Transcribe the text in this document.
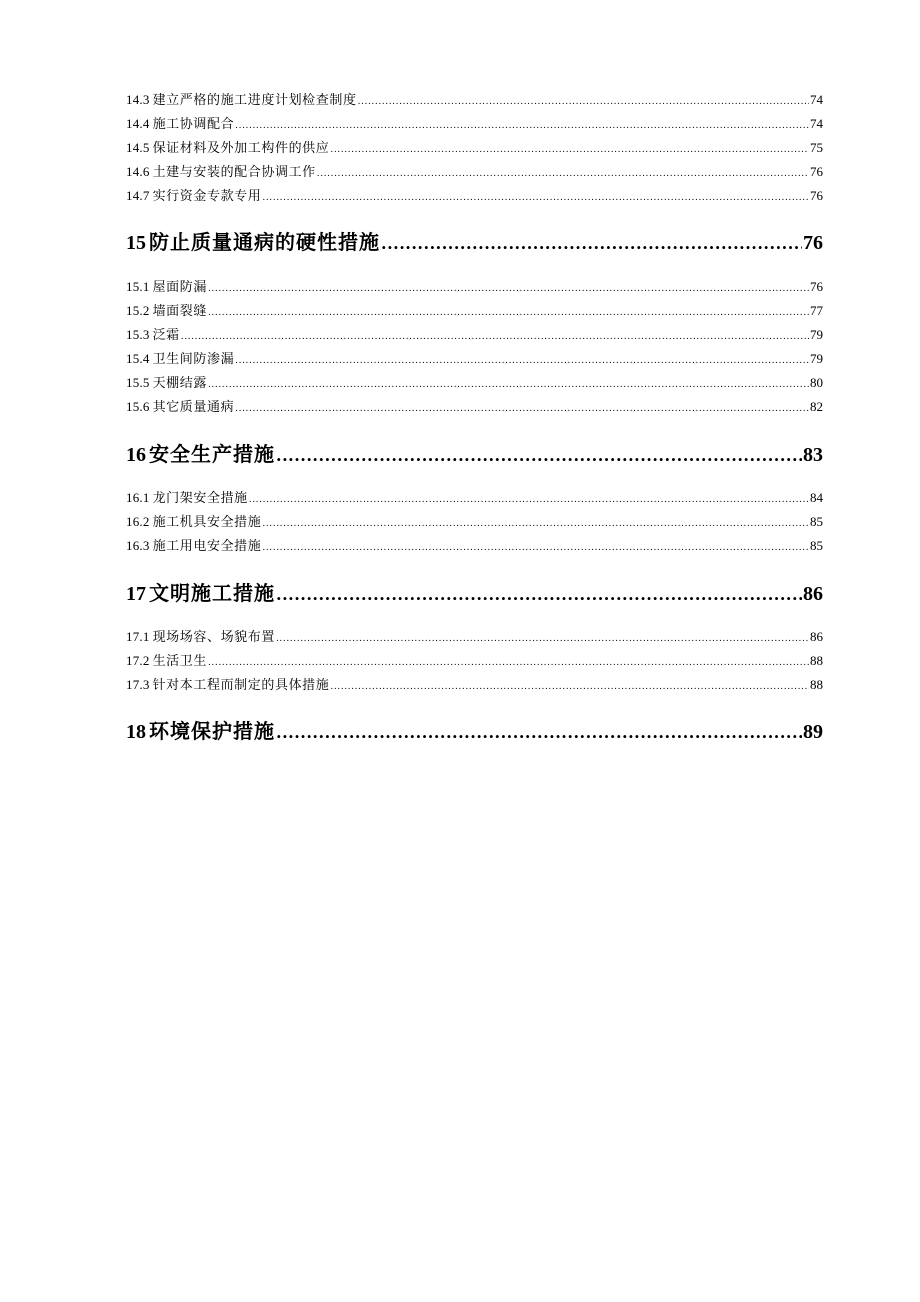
14.3 建立严格的施工进度计划检查制度 .....	74
14.4 施工协调配合 .....	74
14.5 保证材料及外加工构件的供应 .....	75
14.6 土建与安装的配合协调工作 .....	76
14.7 实行资金专款专用 .....	76
15 防止质量通病的硬性措施 .....	76
15.1 屋面防漏 .....	76
15.2 墙面裂缝 .....	77
15.3 泛霜 .....	79
15.4 卫生间防渗漏 .....	79
15.5 天棚结露 .....	80
15.6 其它质量通病 .....	82
16 安全生产措施 .....	83
16.1 龙门架安全措施 .....	84
16.2 施工机具安全措施 .....	85
16.3 施工用电安全措施 .....	85
17 文明施工措施 .....	86
17.1 现场场容、场貌布置 .....	86
17.2 生活卫生 .....	88
17.3 针对本工程而制定的具体措施 .....	88
18 环境保护措施 .....	89
